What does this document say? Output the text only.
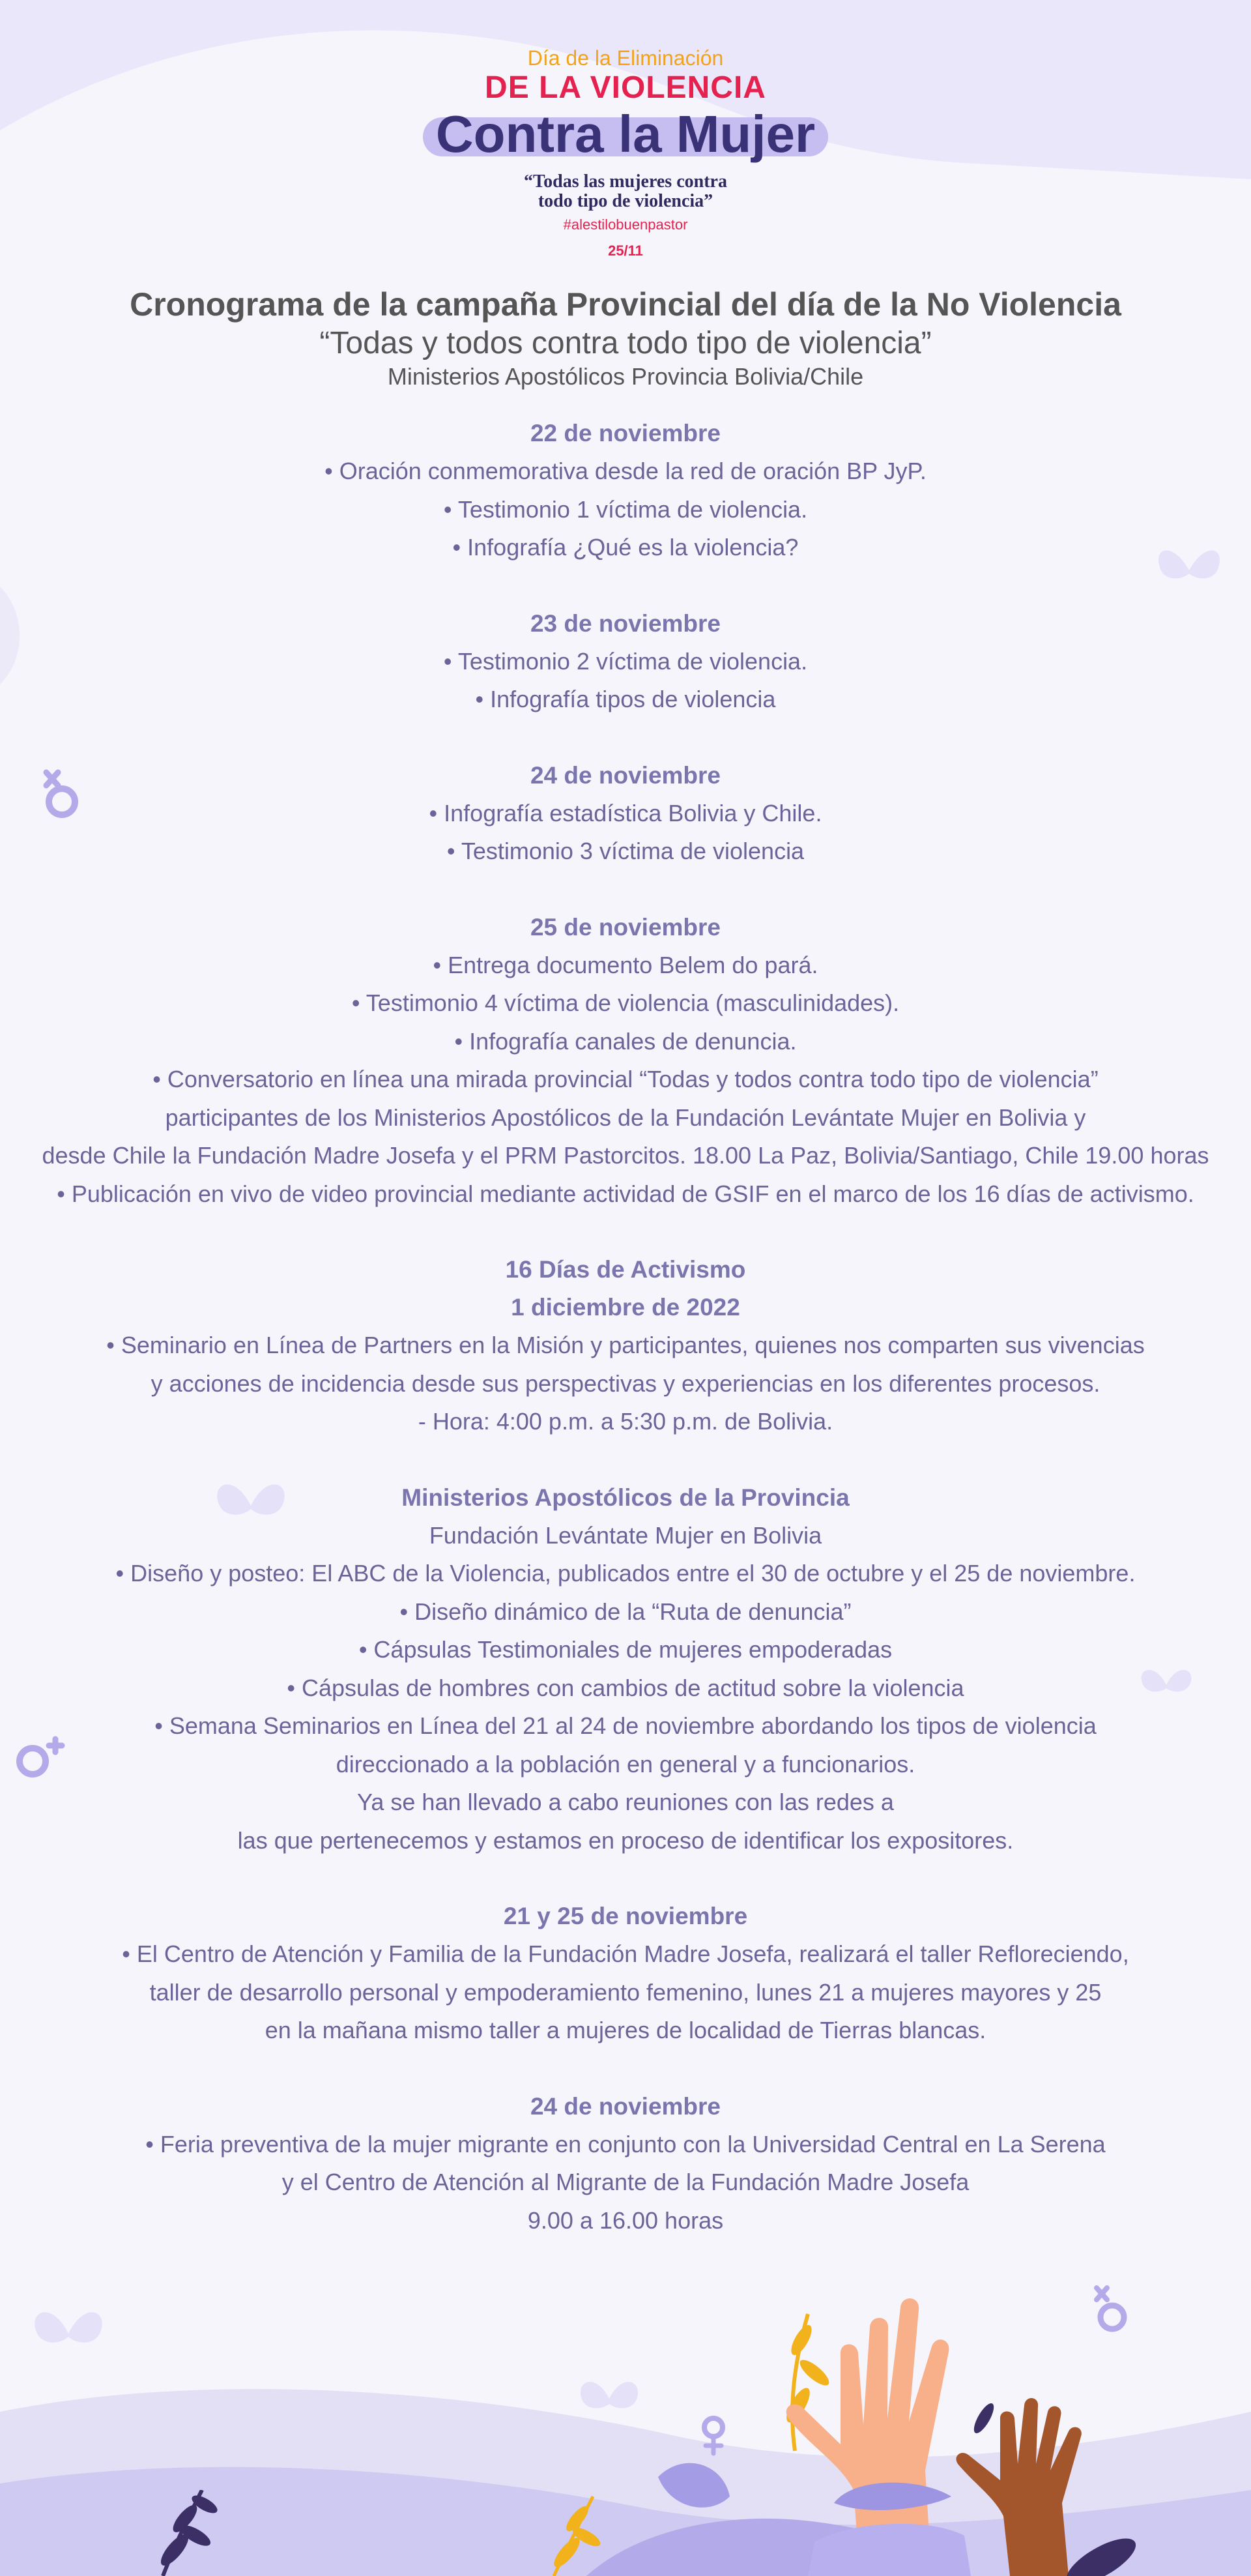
Día de la Eliminación
DE LA VIOLENCIA
Contra la Mujer
“Todas las mujeres contra
todo tipo de violencia”
#alestilobuenpastor
25/11
Cronograma de la campaña Provincial del día de la No Violencia
“Todas y todos contra todo tipo de violencia”
Ministerios Apostólicos Provincia Bolivia/Chile
22 de noviembre
• Oración conmemorativa desde la red de oración BP JyP.
• Testimonio 1 víctima de violencia.
• Infografía ¿Qué es la violencia?
23 de noviembre
• Testimonio 2 víctima de violencia.
• Infografía tipos de violencia
24 de noviembre
• Infografía estadística Bolivia y Chile.
• Testimonio 3 víctima de violencia
25 de noviembre
• Entrega documento Belem do pará.
• Testimonio 4 víctima de violencia (masculinidades).
• Infografía canales de denuncia.
• Conversatorio en línea una mirada provincial “Todas y todos contra todo tipo de violencia”
participantes de los Ministerios Apostólicos de la Fundación Levántate Mujer en Bolivia y
desde Chile la Fundación Madre Josefa y el PRM Pastorcitos. 18.00 La Paz, Bolivia/Santiago, Chile 19.00 horas
• Publicación en vivo de video provincial mediante actividad de GSIF en el marco de los 16 días de activismo.
16 Días de Activismo
1 diciembre de 2022
• Seminario en Línea de Partners en la Misión y participantes, quienes nos comparten sus vivencias
y acciones de incidencia desde sus perspectivas y experiencias en los diferentes procesos.
- Hora: 4:00 p.m. a 5:30 p.m. de Bolivia.
Ministerios Apostólicos de la Provincia
Fundación Levántate Mujer en Bolivia
• Diseño y posteo: El ABC de la Violencia, publicados entre el 30 de octubre y el 25 de noviembre.
• Diseño dinámico de la “Ruta de denuncia”
• Cápsulas Testimoniales de mujeres empoderadas
• Cápsulas de hombres con cambios de actitud sobre la violencia
• Semana Seminarios en Línea del 21 al 24 de noviembre abordando los tipos de violencia
direccionado a la población en general y a funcionarios.
Ya se han llevado a cabo reuniones con las redes a
las que pertenecemos y estamos en proceso de identificar los expositores.
21 y 25 de noviembre
• El Centro de Atención y Familia de la Fundación Madre Josefa, realizará el taller Refloreciendo,
taller de desarrollo personal y empoderamiento femenino, lunes 21 a mujeres mayores y 25
en la mañana mismo taller a mujeres de localidad de Tierras blancas.
24 de noviembre
• Feria preventiva de la mujer migrante en conjunto con la Universidad Central en La Serena
y el Centro de Atención al Migrante de la Fundación Madre Josefa
9.00 a 16.00 horas
